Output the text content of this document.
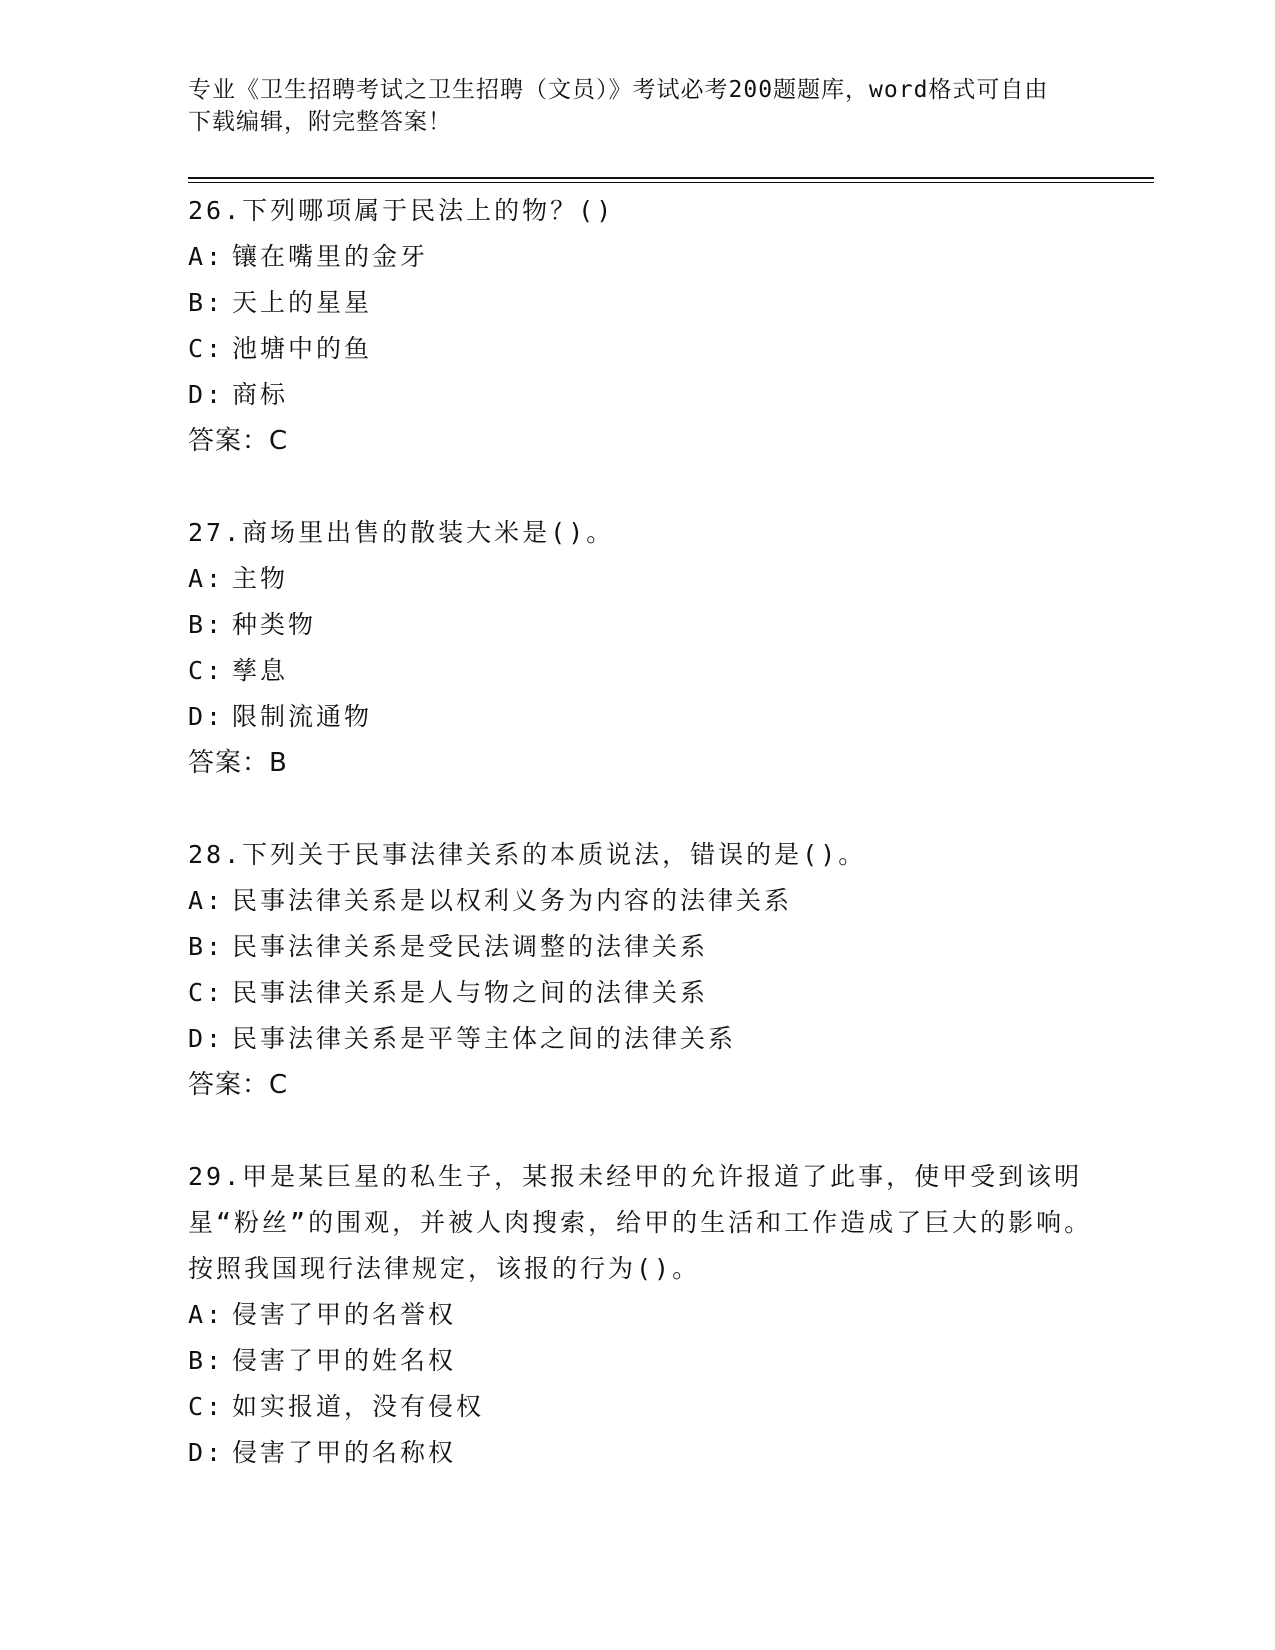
专业《卫生招聘考试之卫生招聘（文员）》考试必考200题题库，word格式可自由下载编辑，附完整答案！
26.下列哪项属于民法上的物？()
A: 镶在嘴里的金牙
B: 天上的星星
C: 池塘中的鱼
D: 商标
答案：C
27.商场里出售的散装大米是()。
A: 主物
B: 种类物
C: 孳息
D: 限制流通物
答案：B
28.下列关于民事法律关系的本质说法，错误的是()。
A: 民事法律关系是以权利义务为内容的法律关系
B: 民事法律关系是受民法调整的法律关系
C: 民事法律关系是人与物之间的法律关系
D: 民事法律关系是平等主体之间的法律关系
答案：C
29.甲是某巨星的私生子，某报未经甲的允许报道了此事，使甲受到该明星“粉丝”的围观，并被人肉搜索，给甲的生活和工作造成了巨大的影响。按照我国现行法律规定，该报的行为()。
A: 侵害了甲的名誉权
B: 侵害了甲的姓名权
C: 如实报道，没有侵权
D: 侵害了甲的名称权
